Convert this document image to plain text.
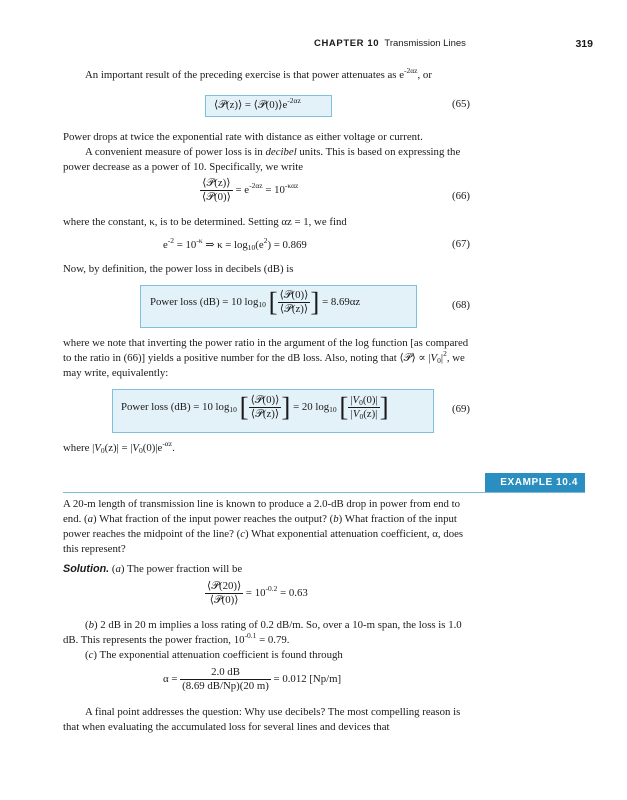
CHAPTER 10 Transmission Lines	319

An important result of the preceding exercise is that power attenuates as $e^{-2\alpha z}$, or

⟨𝒫(z)⟩ = $⟨𝒫(0)⟩e^{-2\alpha z}$	(65)

Power drops at twice the exponential rate with distance as either voltage or current.

A convenient measure of power loss is in decibel units. This is based on expressing the power decrease as a power of 10. Specifically, we write

$\frac{\text{⟨𝒫(z)⟩}}{\text{⟨𝒫(0)⟩}} = e^{-2\alpha z} = 10^{-\kappa\alpha z}$
(66)

where the constant, κ, is to be determined. Setting αz = 1, we find

$e^{-2} = 10^{-\kappa}$ ⇒ $\kappa = \log_{10}(e^2) = 0.869$	(67)

Now, by definition, the power loss in decibels (dB) is

Power loss (dB) = 10 $\log_{10}$ [ $\frac{\text{⟨𝒫(0)⟩}}{\text{⟨𝒫(z)⟩}}$ ] = 8.69αz	(68)

where we note that inverting the power ratio in the argument of the log function [as compared to the ratio in (66)] yields a positive number for the dB loss. Also, noting that ⟨𝒫⟩ ∝ $|V_0|^2$, we may write, equivalently:

Power loss (dB) = 10 $\log_{10}$ [ $\frac{\text{⟨𝒫(0)⟩}}{\text{⟨𝒫(z)⟩}}$ ] = 20 $\log_{10}$ [ $\frac{|V_0(0)|}{|V_0(z)|}$ ]	(69)

where $|V_0(z)| = |V_0(0)|e^{-\alpha z}$.

EXAMPLE 10.4

A 20-m length of transmission line is known to produce a 2.0-dB drop in power from end to end. (a) What fraction of the input power reaches the output? (b) What fraction of the input power reaches the midpoint of the line? (c) What exponential attenuation coefficient, α, does this represent?

Solution. (a) The power fraction will be

$\frac{\text{⟨𝒫(20)⟩}}{\text{⟨𝒫(0)⟩}} = 10^{-0.2} = 0.63$

(b) 2 dB in 20 m implies a loss rating of 0.2 dB/m. So, over a 10-m span, the loss is 1.0 dB. This represents the power fraction, $10^{-0.1} = 0.79$.

(c) The exponential attenuation coefficient is found through

$\alpha = \frac{2.0 dB}{(8.69 dB/Np)(20 m)} = 0.012$ [Np/m]

A final point addresses the question: Why use decibels? The most compelling reason is that when evaluating the accumulated loss for several lines and devices that
